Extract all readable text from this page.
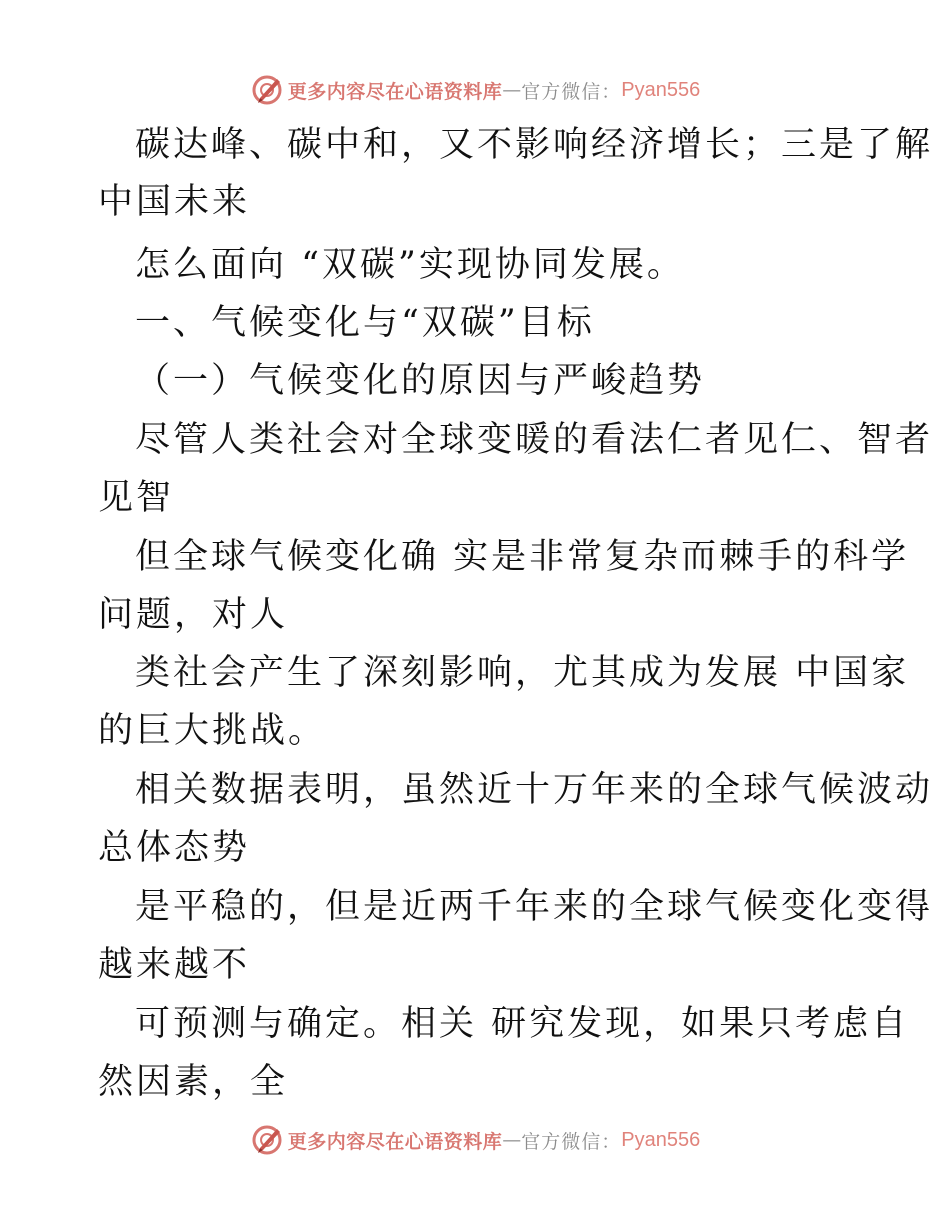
更多内容尽在心语资料库 — 官方微信： Pyan556
碳达峰、碳中和，又不影响经济增长；三是了解
中国未来
怎么面向 “双碳”实现协同发展。
一、气候变化与“双碳”目标
（一）气候变化的原因与严峻趋势
尽管人类社会对全球变暖的看法仁者见仁、智者
见智
但全球气候变化确 实是非常复杂而棘手的科学
问题，对人
类社会产生了深刻影响，尤其成为发展 中国家
的巨大挑战。
相关数据表明，虽然近十万年来的全球气候波动
总体态势
是平稳的，但是近两千年来的全球气候变化变得
越来越不
可预测与确定。相关 研究发现，如果只考虑自
然因素，全
更多内容尽在心语资料库 — 官方微信： Pyan556
